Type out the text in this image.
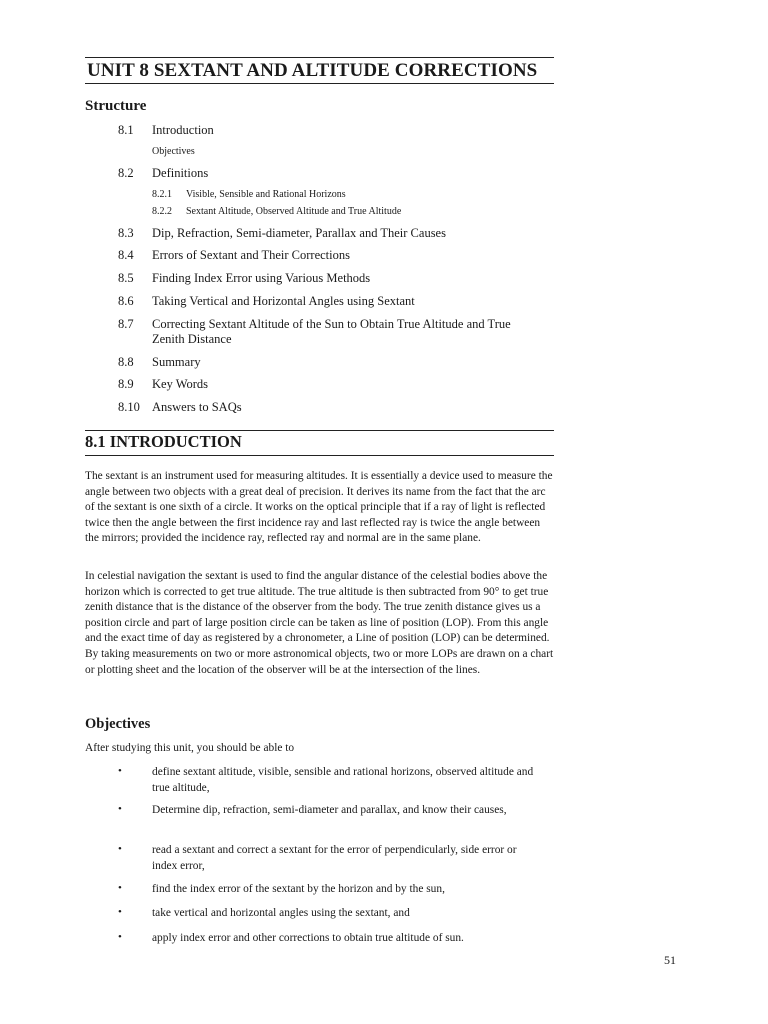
UNIT 8 SEXTANT AND ALTITUDE CORRECTIONS
Structure
8.1 Introduction
Objectives
8.2 Definitions
8.2.1 Visible, Sensible and Rational Horizons
8.2.2 Sextant Altitude, Observed Altitude and True Altitude
8.3 Dip, Refraction, Semi-diameter, Parallax and Their Causes
8.4 Errors of Sextant and Their Corrections
8.5 Finding Index Error using Various Methods
8.6 Taking Vertical and Horizontal Angles using Sextant
8.7 Correcting Sextant Altitude of the Sun to Obtain True Altitude and True Zenith Distance
8.8 Summary
8.9 Key Words
8.10 Answers to SAQs
8.1 INTRODUCTION

The sextant is an instrument used for measuring altitudes. It is essentially a device used to measure the angle between two objects with a great deal of precision. It derives its name from the fact that the arc of the sextant is one sixth of a circle. It works on the optical principle that if a ray of light is reflected twice then the angle between the first incidence ray and last reflected ray is twice the angle between the mirrors; provided the incidence ray, reflected ray and normal are in the same plane.

In celestial navigation the sextant is used to find the angular distance of the celestial bodies above the horizon which is corrected to get true altitude. The true altitude is then subtracted from 90° to get true zenith distance that is the distance of the observer from the body. The true zenith distance gives us a position circle and part of large position circle can be taken as line of position (LOP). From this angle and the exact time of day as registered by a chronometer, a Line of position (LOP) can be determined. By taking measurements on two or more astronomical objects, two or more LOPs are drawn on a chart or plotting sheet and the location of the observer will be at the intersection of the lines.

Objectives
After studying this unit, you should be able to
•	define sextant altitude, visible, sensible and rational horizons, observed altitude and true altitude,
•	Determine dip, refraction, semi-diameter and parallax, and know their causes,
•	read a sextant and correct a sextant for the error of perpendicularly, side error or index error,
•	find the index error of the sextant by the horizon and by the sun,
•	take vertical and horizontal angles using the sextant, and
•	apply index error and other corrections to obtain true altitude of sun.
51
